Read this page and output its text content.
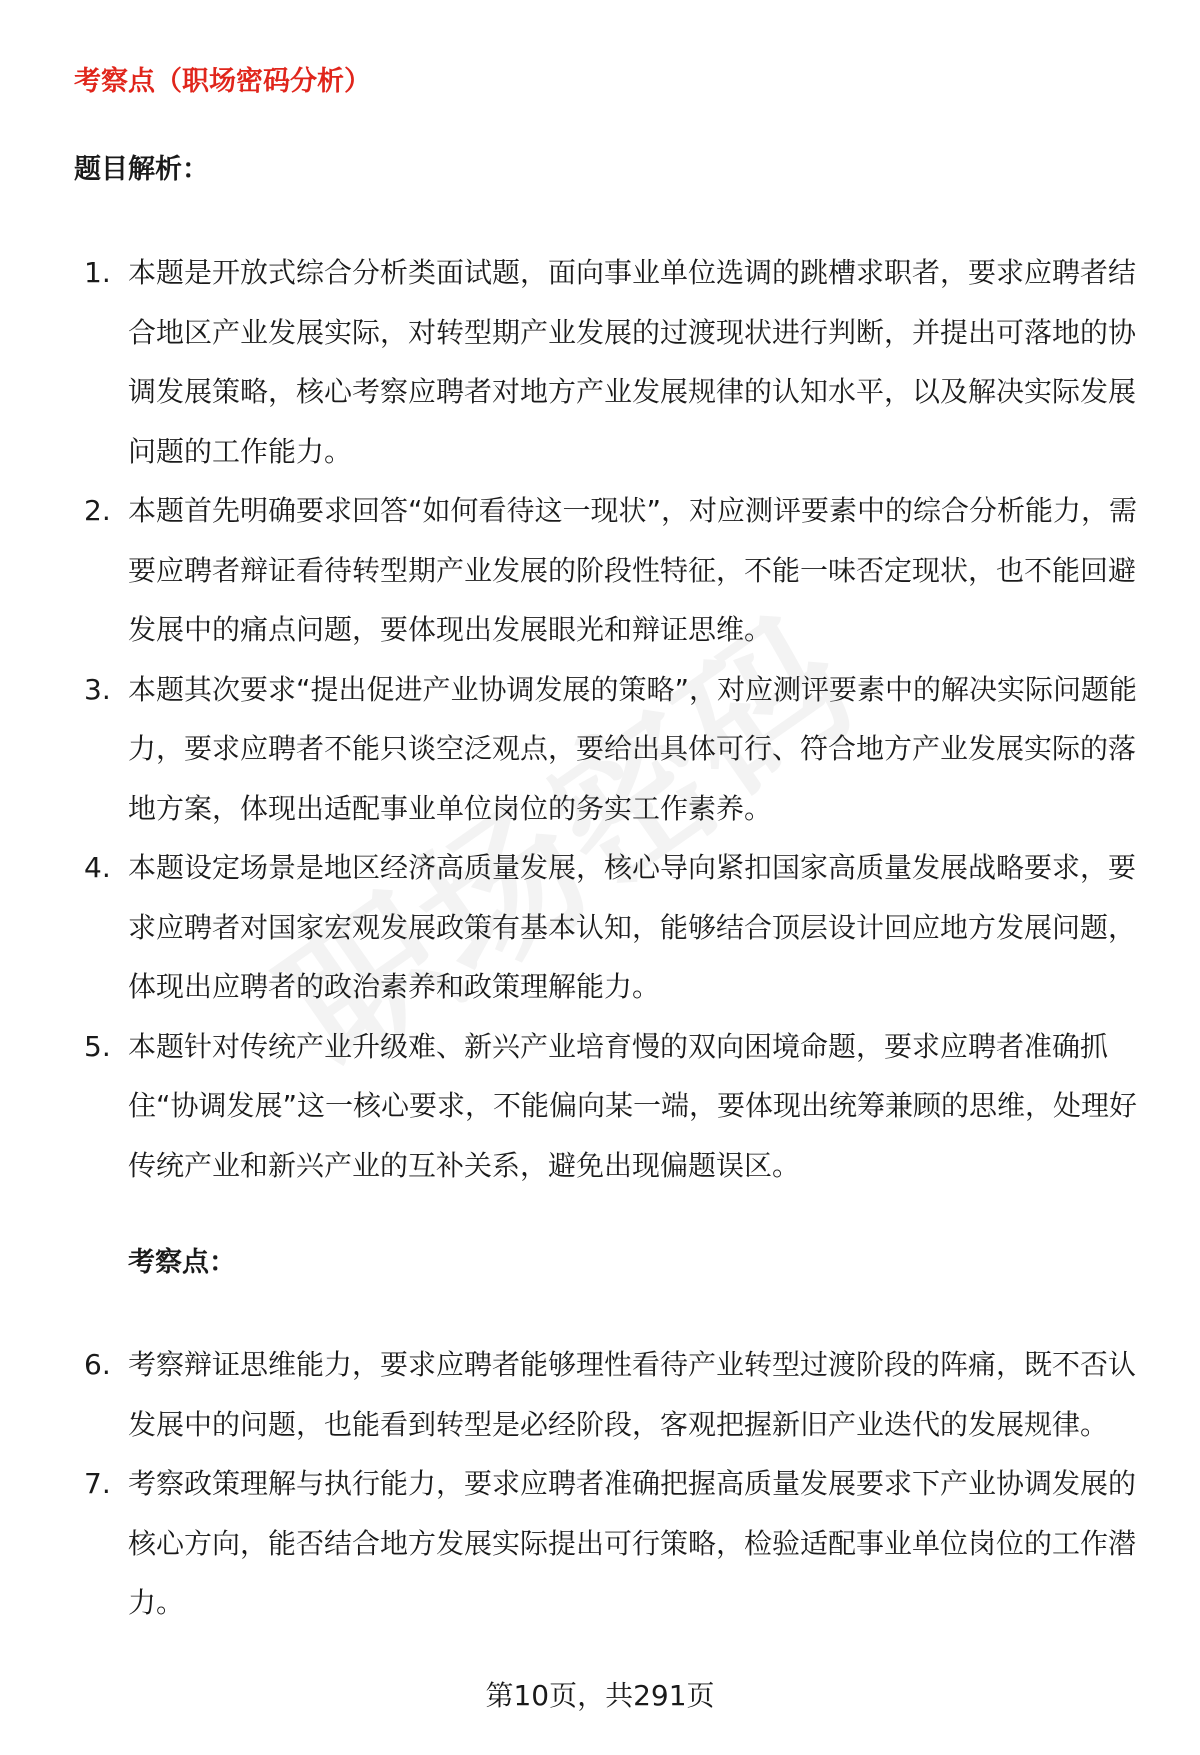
考察点（职场密码分析）
题目解析：
1. 本题是开放式综合分析类面试题，面向事业单位选调的跳槽求职者，要求应聘者结合地区产业发展实际，对转型期产业发展的过渡现状进行判断，并提出可落地的协调发展策略，核心考察应聘者对地方产业发展规律的认知水平，以及解决实际发展问题的工作能力。
2. 本题首先明确要求回答“如何看待这一现状”，对应测评要素中的综合分析能力，需要应聘者辩证看待转型期产业发展的阶段性特征，不能一味否定现状，也不能回避发展中的痛点问题，要体现出发展眼光和辩证思维。
3. 本题其次要求“提出促进产业协调发展的策略”，对应测评要素中的解决实际问题能力，要求应聘者不能只谈空泛观点，要给出具体可行、符合地方产业发展实际的落地方案，体现出适配事业单位岗位的务实工作素养。
4. 本题设定场景是地区经济高质量发展，核心导向紧扣国家高质量发展战略要求，要求应聘者对国家宏观发展政策有基本认知，能够结合顶层设计回应地方发展问题，体现出应聘者的政治素养和政策理解能力。
5. 本题针对传统产业升级难、新兴产业培育慢的双向困境命题，要求应聘者准确抓住“协调发展”这一核心要求，不能偏向某一端，要体现出统筹兼顾的思维，处理好传统产业和新兴产业的互补关系，避免出现偏题误区。
考察点：
6. 考察辩证思维能力，要求应聘者能够理性看待产业转型过渡阶段的阵痛，既不否认发展中的问题，也能看到转型是必经阶段，客观把握新旧产业迭代的发展规律。
7. 考察政策理解与执行能力，要求应聘者准确把握高质量发展要求下产业协调发展的核心方向，能否结合地方发展实际提出可行策略，检验适配事业单位岗位的工作潜力。
第10页，共291页
